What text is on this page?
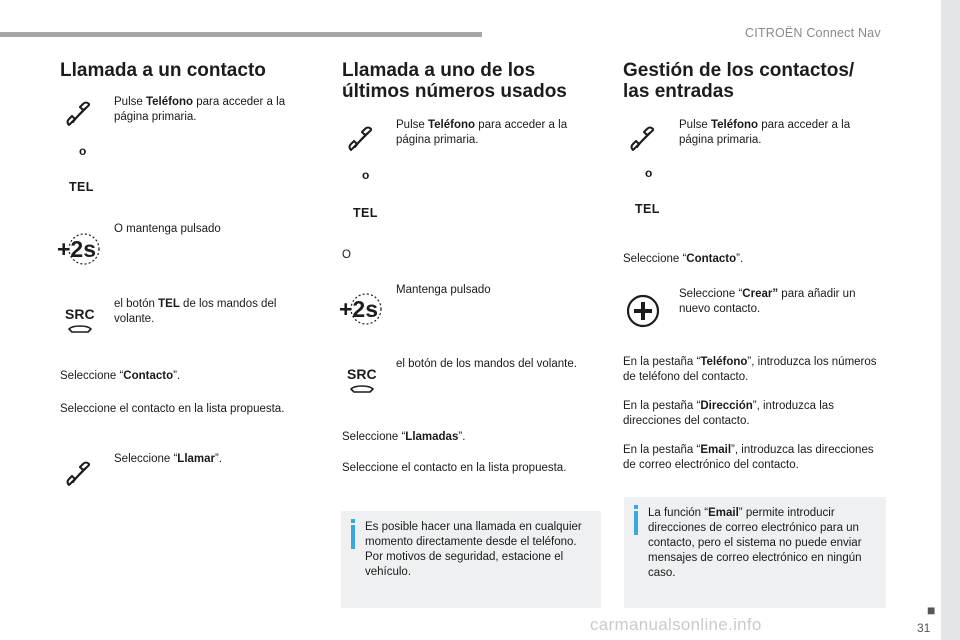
CITROËN Connect Nav
■
31
carmanualsonline.info
Llamada a un contacto
o
TEL

Pulse Teléfono para acceder a la página primaria.

+2s

O mantenga pulsado

SRC

el botón TEL de los mandos del volante.

Seleccione “Contacto”.

Seleccione el contacto en la lista propuesta.

Seleccione “Llamar”.

Llamada a uno de los
últimos números usados
o
TEL

Pulse Teléfono para acceder a la página primaria.

O

+2s

Mantenga pulsado

SRC

el botón de los mandos del volante.

Seleccione “Llamadas”.

Seleccione el contacto en la lista propuesta.

Es posible hacer una llamada en cualquier momento directamente desde el teléfono. Por motivos de seguridad, estacione el vehículo.

Gestión de los contactos/
las entradas
o
TEL

Pulse Teléfono para acceder a la página primaria.

Seleccione “Contacto”.

Seleccione “Crear” para añadir un nuevo contacto.

En la pestaña “Teléfono”, introduzca los números de teléfono del contacto.

En la pestaña “Dirección”, introduzca las direcciones del contacto.

En la pestaña “Email”, introduzca las direcciones de correo electrónico del contacto.

La función “Email” permite introducir direcciones de correo electrónico para un contacto, pero el sistema no puede enviar mensajes de correo electrónico en ningún caso.
